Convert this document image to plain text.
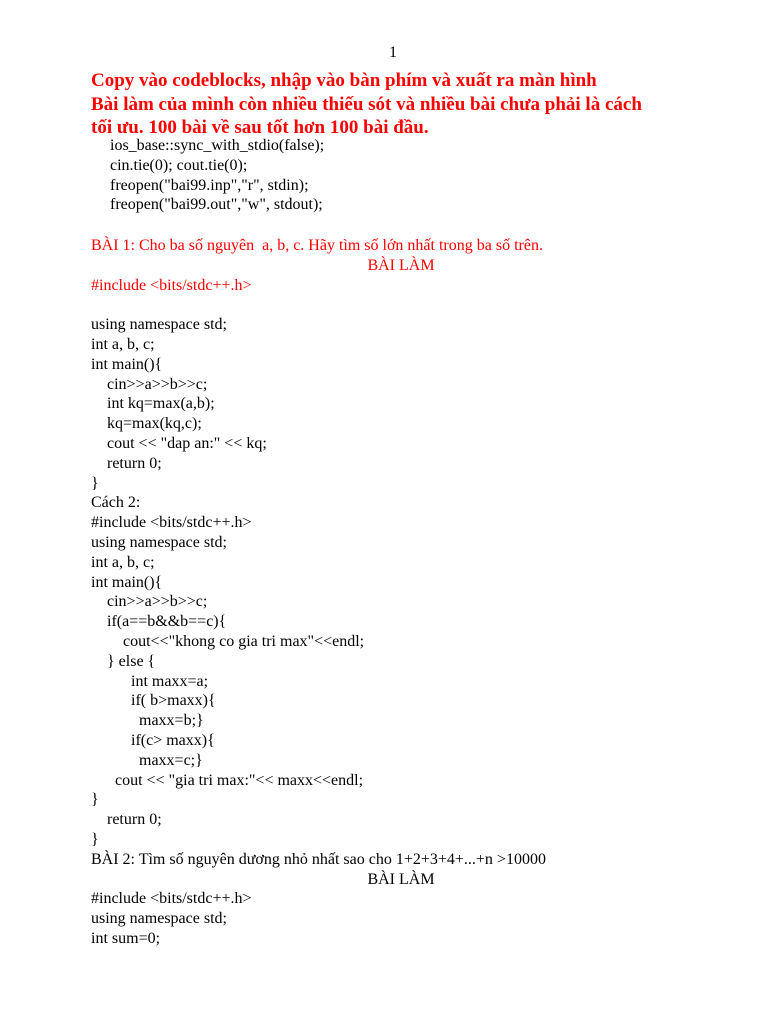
1
Copy vào codeblocks, nhập vào bàn phím và xuất ra màn hình
Bài làm của mình còn nhiều thiếu sót và nhiều bài chưa phải là cách
tối ưu. 100 bài về sau tốt hơn 100 bài đầu.
ios_base::sync_with_stdio(false);
cin.tie(0); cout.tie(0);
freopen("bai99.inp","r", stdin);
freopen("bai99.out","w", stdout);
BÀI 1: Cho ba số nguyên  a, b, c. Hãy tìm số lớn nhất trong ba số trên.
BÀI LÀM
#include <bits/stdc++.h>
using namespace std;
int a, b, c;
int main(){
cin>>a>>b>>c;
int kq=max(a,b);
kq=max(kq,c);
cout << "dap an:" << kq;
return 0;
}
Cách 2:
#include <bits/stdc++.h>
using namespace std;
int a, b, c;
int main(){
cin>>a>>b>>c;
if(a==b&&b==c){
cout<<"khong co gia tri max"<<endl;
} else {
int maxx=a;
if( b>maxx){
maxx=b;}
if(c> maxx){
maxx=c;}
cout << "gia tri max:"<< maxx<<endl;
}
return 0;
}
BÀI 2: Tìm số nguyên dương nhỏ nhất sao cho 1+2+3+4+...+n >10000
BÀI LÀM
#include <bits/stdc++.h>
using namespace std;
int sum=0;
